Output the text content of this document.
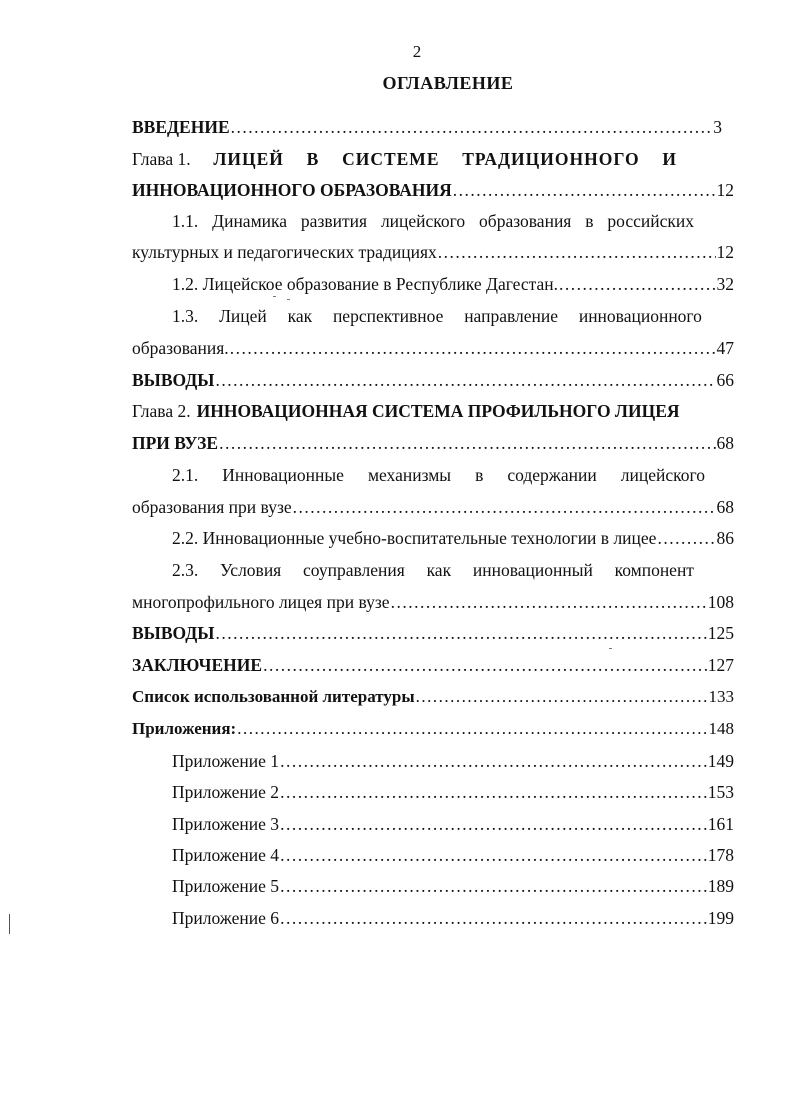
2
ОГЛАВЛЕНИЕ
ВВЕДЕНИЕ .....	3
Глава 1. ЛИЦЕЙ В СИСТЕМЕ ТРАДИЦИОННОГО И
ИННОВАЦИОННОГО ОБРАЗОВАНИЯ .....	12
1.1. Динамика развития лицейского образования в российских
культурных и педагогических традициях .....	12
1.2. Лицейское образование в Республике Дагестан. .....	32
1.3. Лицей как перспективное направление инновационного
образования. .....	47
ВЫВОДЫ .....	66
Глава 2. ИННОВАЦИОННАЯ СИСТЕМА ПРОФИЛЬНОГО ЛИЦЕЯ
ПРИ ВУЗЕ .....	68
2.1. Инновационные механизмы в содержании лицейского
образования при вузе .....	68
2.2. Инновационные учебно-воспитательные технологии в лицее .....	86
2.3. Условия соуправления как инновационный компонент
многопрофильного лицея при вузе .....	108
ВЫВОДЫ .....	125
ЗАКЛЮЧЕНИЕ .....	127
Список использованной литературы .....	133
Приложения: .....	148
Приложение 1 .....	149
Приложение 2 .....	153
Приложение 3 .....	161
Приложение 4 .....	178
Приложение 5 .....	189
Приложение 6 .....	199
